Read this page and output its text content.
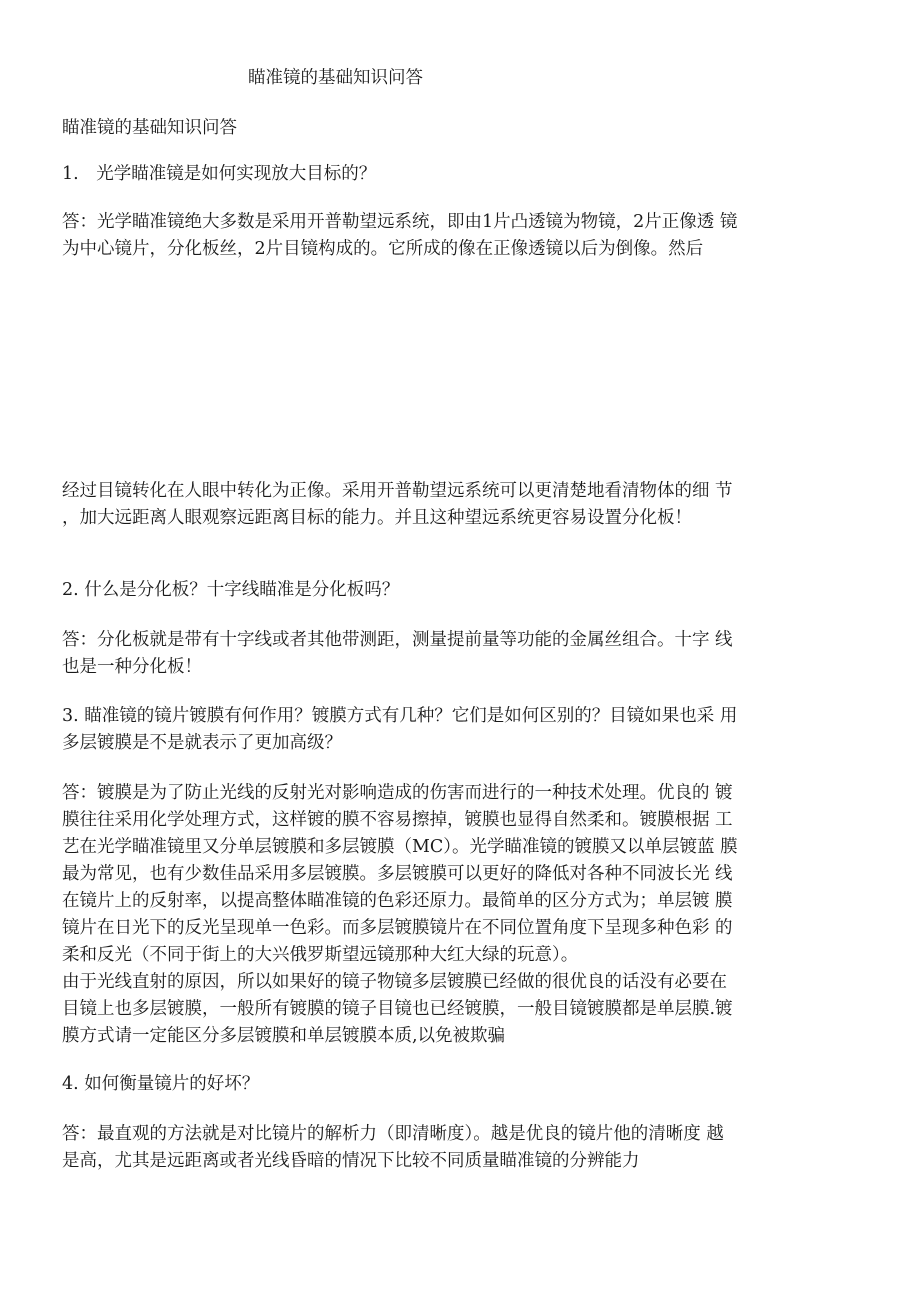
瞄准镜的基础知识问答
瞄准镜的基础知识问答
1.　光学瞄准镜是如何实现放大目标的？
答：光学瞄准镜绝大多数是采用开普勒望远系统，即由1片凸透镜为物镜，2片正像透 镜
为中心镜片，分化板丝，2片目镜构成的。它所成的像在正像透镜以后为倒像。然后
经过目镜转化在人眼中转化为正像。采用开普勒望远系统可以更清楚地看清物体的细 节
，加大远距离人眼观察远距离目标的能力。并且这种望远系统更容易设置分化板！
2. 什么是分化板？十字线瞄准是分化板吗？
答：分化板就是带有十字线或者其他带测距，测量提前量等功能的金属丝组合。十字 线
也是一种分化板！
3. 瞄准镜的镜片镀膜有何作用？镀膜方式有几种？它们是如何区别的？目镜如果也采 用
多层镀膜是不是就表示了更加高级？
答：镀膜是为了防止光线的反射光对影响造成的伤害而进行的一种技术处理。优良的 镀
膜往往采用化学处理方式，这样镀的膜不容易擦掉，镀膜也显得自然柔和。镀膜根据 工
艺在光学瞄准镜里又分单层镀膜和多层镀膜（MC）。光学瞄准镜的镀膜又以单层镀蓝 膜
最为常见，也有少数佳品采用多层镀膜。多层镀膜可以更好的降低对各种不同波长光 线
在镜片上的反射率，以提高整体瞄准镜的色彩还原力。最简单的区分方式为；单层镀 膜
镜片在日光下的反光呈现单一色彩。而多层镀膜镜片在不同位置角度下呈现多种色彩 的
柔和反光（不同于街上的大兴俄罗斯望远镜那种大红大绿的玩意）。
由于光线直射的原因，所以如果好的镜子物镜多层镀膜已经做的很优良的话没有必要在
目镜上也多层镀膜，一般所有镀膜的镜子目镜也已经镀膜，一般目镜镀膜都是单层膜.镀
膜方式请一定能区分多层镀膜和单层镀膜本质,以免被欺骗
4. 如何衡量镜片的好坏？
答：最直观的方法就是对比镜片的解析力（即清晰度）。越是优良的镜片他的清晰度 越
是高，尤其是远距离或者光线昏暗的情况下比较不同质量瞄准镜的分辨能力
